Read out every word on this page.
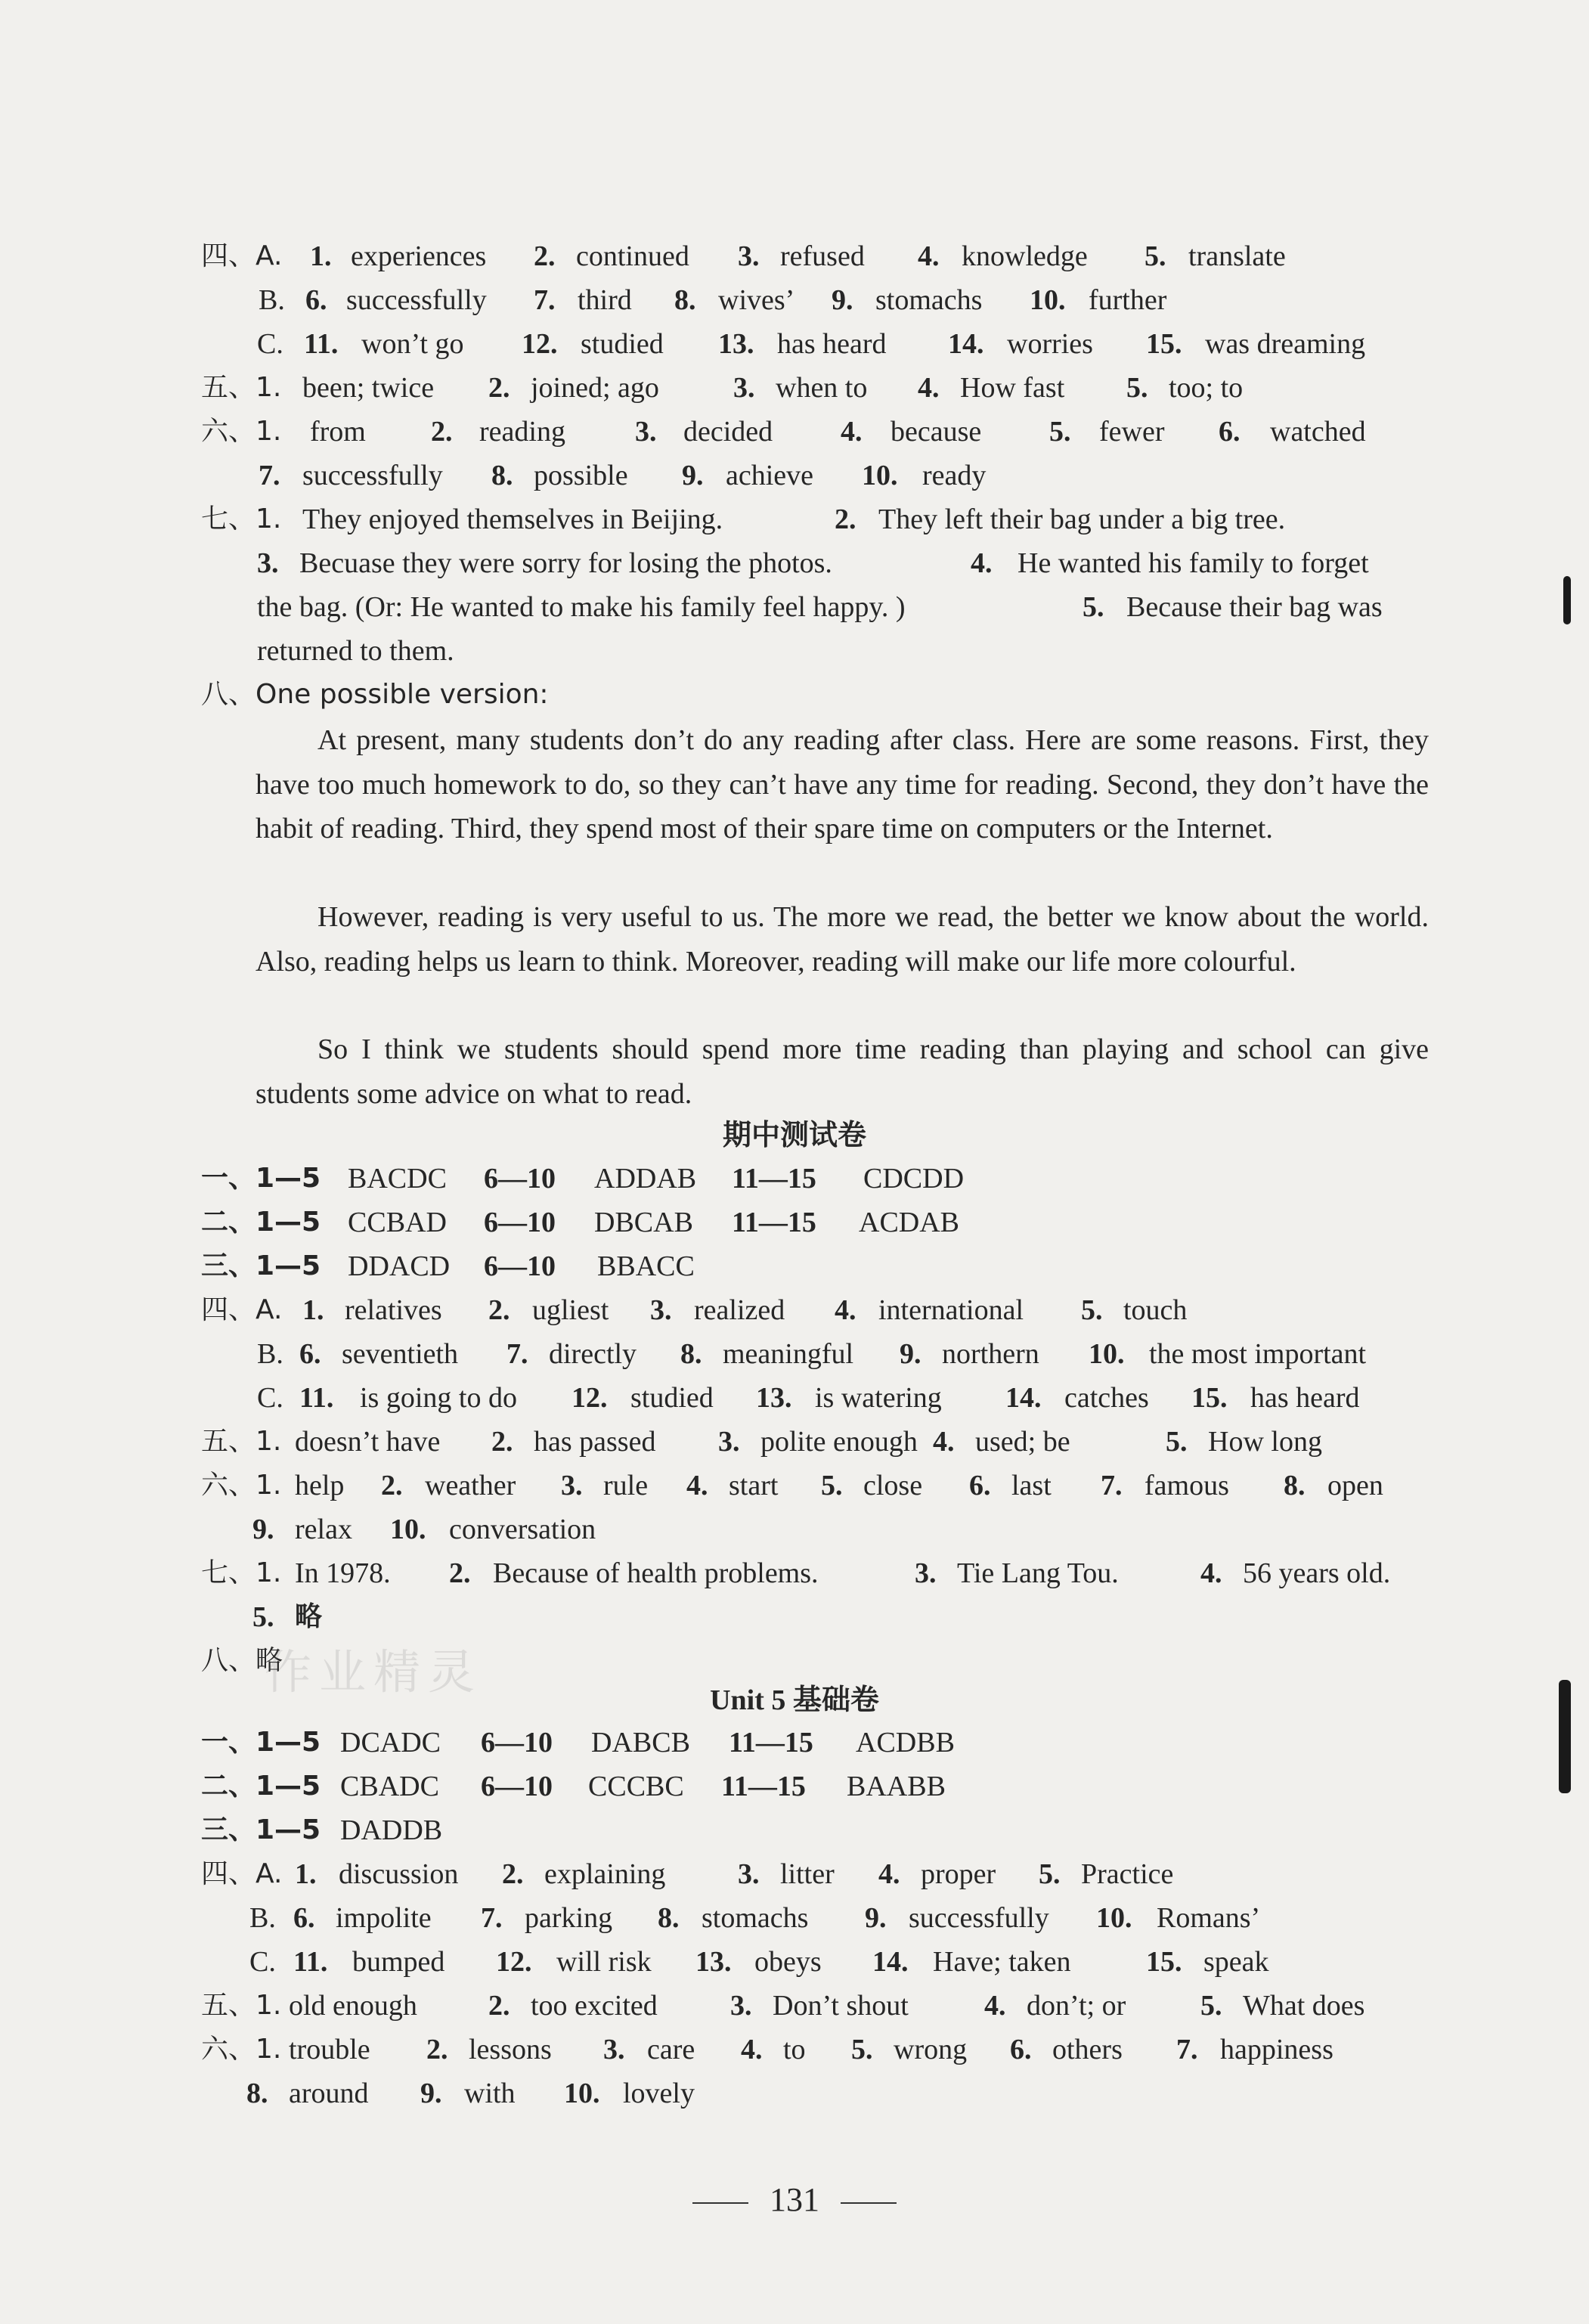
四、A. 1. experiences 2. continued 3. refused 4. knowledge 5. translate
B. 6. successfully 7. third 8. wives’ 9. stomachs 10. further
C. 11. won’t go 12. studied 13. has heard 14. worries 15. was dreaming
五、1. been; twice 2. joined; ago	3. when to 4. How fast 5. too; to
六、1. from 2. reading 3. decided 4. because 5. fewer 6. watched
7. successfully 8. possible 9. achieve 10. ready
七、1. They enjoyed themselves in Beijing.	2. They left their bag under a big tree.
3. Becuase they were sorry for losing the photos.	4. He wanted his family to forget
the bag. (Or: He wanted to make his family feel happy. )	5. Because their bag was
returned to them.
八、One possible version:
At present, many students don’t do any reading after class. Here are some reasons. First, they have too much homework to do, so they can’t have any time for reading. Second, they don’t have the habit of reading. Third, they spend most of their spare time on computers or the Internet.
However, reading is very useful to us. The more we read, the better we know about the world. Also, reading helps us learn to think. Moreover, reading will make our life more colourful.
So I think we students should spend more time reading than playing and school can give students some advice on what to read.
期中测试卷
一、1—5 BACDC 6—10 ADDAB 11—15 CDCDD
二、1—5 CCBAD 6—10 DBCAB 11—15 ACDAB
三、1—5 DDACD 6—10 BBACC
四、A. 1. relatives 2. ugliest 3. realized 4. international 5. touch
B. 6. seventieth 7. directly 8. meaningful 9. northern 10. the most important
C. 11. is going to do 12. studied 13. is watering 14. catches 15. has heard
五、1. doesn’t have 2. has passed 3. polite enough 4. used; be	5. How long
六、1. help 2. weather 3. rule 4. start 5. close 6. last 7. famous 8. open
9. relax 10. conversation
七、1. In 1978. 2. Because of health problems.	3. Tie Lang Tou.	4. 56 years old.
5. 略
八、略
作业精灵
Unit 5 基础卷
一、1—5 DCADC 6—10 DABCB 11—15 ACDBB
二、1—5 CBADC 6—10 CCCBC 11—15 BAABB
三、1—5 DADDB
四、A. 1. discussion 2. explaining	3. litter 4. proper 5. Practice
B. 6. impolite 7. parking 8. stomachs 9. successfully 10. Romans’
C. 11. bumped 12. will risk 13. obeys 14. Have; taken	15. speak
五、1. old enough 2. too excited	3. Don’t shout	4. don’t; or	5. What does
六、1. trouble 2. lessons 3. care 4. to 5. wrong 6. others 7. happiness
8. around 9. with 10. lovely
131
